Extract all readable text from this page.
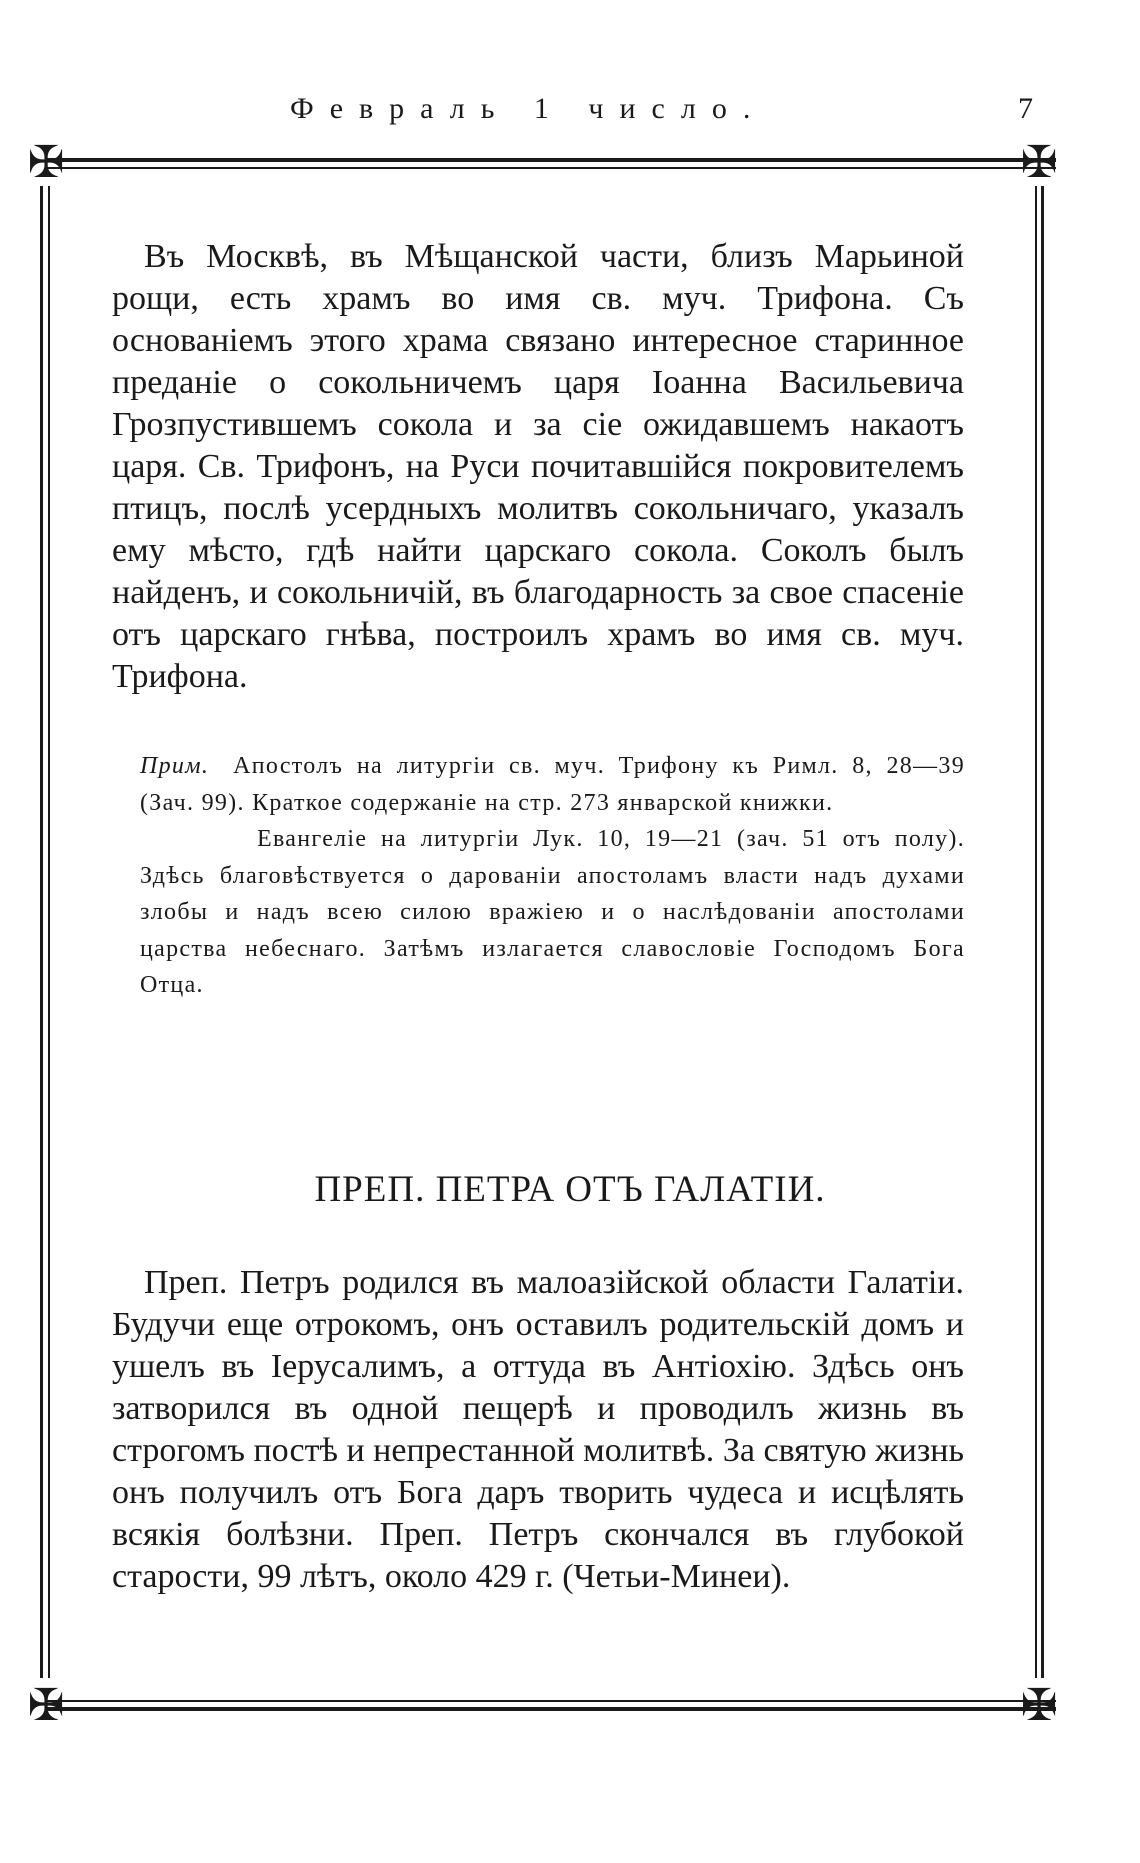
Февраль 1 число.	7
✠	✠
✠	✠

Въ Москвѣ, въ Мѣщанской части, близъ Марьиной рощи, есть храмъ во имя св. муч. Трифона. Съ основаніемъ этого храма связано интересное старинное преданіе о сокольничемъ царя Іоанна Васильевича Грозпустившемъ сокола и за сіе ожидавшемъ накаотъ царя. Св. Трифонъ, на Руси почитавшійся покровителемъ птицъ, послѣ усердныхъ молитвъ сокольничаго, указалъ ему мѣсто, гдѣ найти царскаго сокола. Соколъ былъ найденъ, и сокольничій, въ благодарность за свое спасеніе отъ царскаго гнѣва, построилъ храмъ во имя св. муч. Трифона.

Прим. Апостолъ на литургіи св. муч. Трифону къ Римл. 8, 28—39 (Зач. 99). Краткое содержаніе на стр. 273 январской книжки.

Евангеліе на литургіи Лук. 10, 19—21 (зач. 51 отъ полу). Здѣсь благовѣствуется о дарованіи апостоламъ власти надъ духами злобы и надъ всею силою вражіею и о наслѣдованіи апостолами царства небеснаго. Затѣмъ излагается славословіе Господомъ Бога Отца.

ПРЕП. ПЕТРА ОТЪ ГАЛАТІИ.

Преп. Петръ родился въ малоазійской области Галатіи. Будучи еще отрокомъ, онъ оставилъ родительскій домъ и ушелъ въ Іерусалимъ, а оттуда въ Антіохію. Здѣсь онъ затворился въ одной пещерѣ и проводилъ жизнь въ строгомъ постѣ и непрестанной молитвѣ. За святую жизнь онъ получилъ отъ Бога даръ творить чудеса и исцѣлять всякія болѣзни. Преп. Петръ скончался въ глубокой старости, 99 лѣтъ, около 429 г. (Четьи-Минеи).
